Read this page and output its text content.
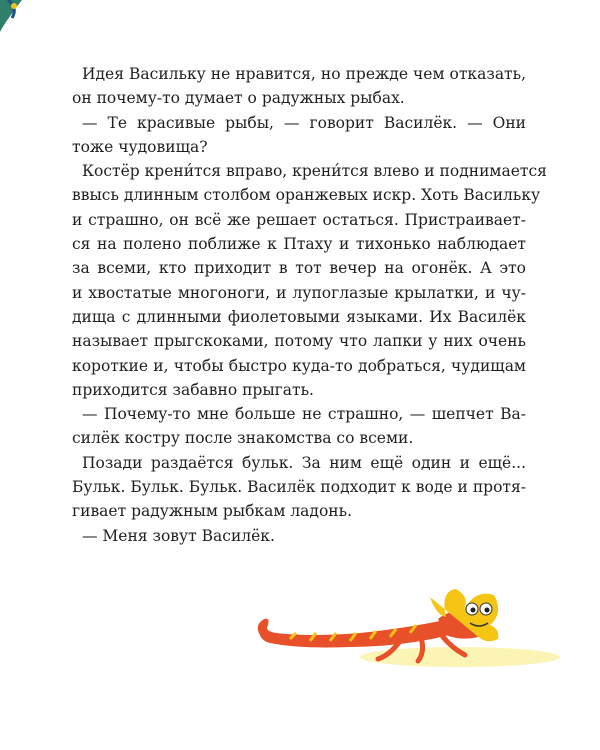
Идея Васильку не нравится, но прежде чем отказать,
он почему-то думает о радужных рыбах.
— Те красивые рыбы, — говорит Василёк. — Они
тоже чудовища?
Костёр крени́тся вправо, крени́тся влево и поднимается
ввысь длинным столбом оранжевых искр. Хоть Васильку
и страшно, он всё же решает остаться. Пристраивает-
ся на полено поближе к Птаху и тихонько наблюдает
за всеми, кто приходит в тот вечер на огонёк. А это
и хвостатые многоноги, и лупоглазые крылатки, и чу-
дища с длинными фиолетовыми языками. Их Василёк
называет прыгскоками, потому что лапки у них очень
короткие и, чтобы быстро куда-то добраться, чудищам
приходится забавно прыгать.
— Почему-то мне больше не страшно, — шепчет Ва-
силёк костру после знакомства со всеми.
Позади раздаётся бульк. За ним ещё один и ещё...
Бульк. Бульк. Бульк. Василёк подходит к воде и протя-
гивает радужным рыбкам ладонь.
— Меня зовут Василёк.
